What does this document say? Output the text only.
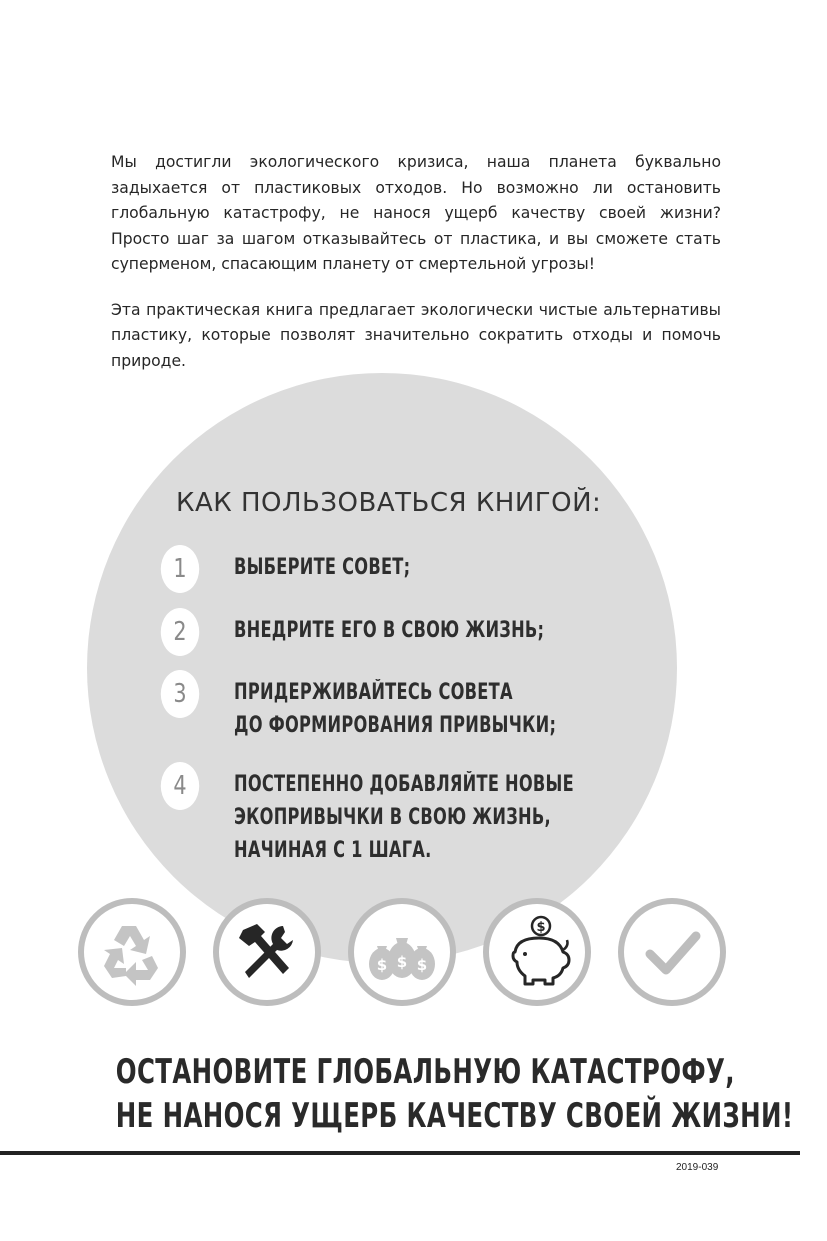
Мы достигли экологического кризиса, наша планета буквально задыхается от пластиковых отходов. Но возможно ли остановить глобальную катастрофу, не нанося ущерб качеству своей жизни? Просто шаг за шагом отказывайтесь от пластика, и вы сможете стать суперменом, спасающим планету от смертельной угрозы!

Эта практическая книга предлагает экологически чистые альтернативы пластику, которые позволят значительно сократить отходы и помочь природе.

КАК ПОЛЬЗОВАТЬСЯ КНИГОЙ:
1	ВЫБЕРИТЕ СОВЕТ;
2	ВНЕДРИТЕ ЕГО В СВОЮ ЖИЗНЬ;
3	ПРИДЕРЖИВАЙТЕСЬ СОВЕТА
ДО ФОРМИРОВАНИЯ ПРИВЫЧКИ;
4	ПОСТЕПЕННО ДОБАВЛЯЙТЕ НОВЫЕ
ЭКОПРИВЫЧКИ В СВОЮ ЖИЗНЬ,
НАЧИНАЯ С 1 ШАГА.
$ $ $
$
ОСТАНОВИТЕ ГЛОБАЛЬНУЮ КАТАСТРОФУ,
НЕ НАНОСЯ УЩЕРБ КАЧЕСТВУ СВОЕЙ ЖИЗНИ!
2019-039
